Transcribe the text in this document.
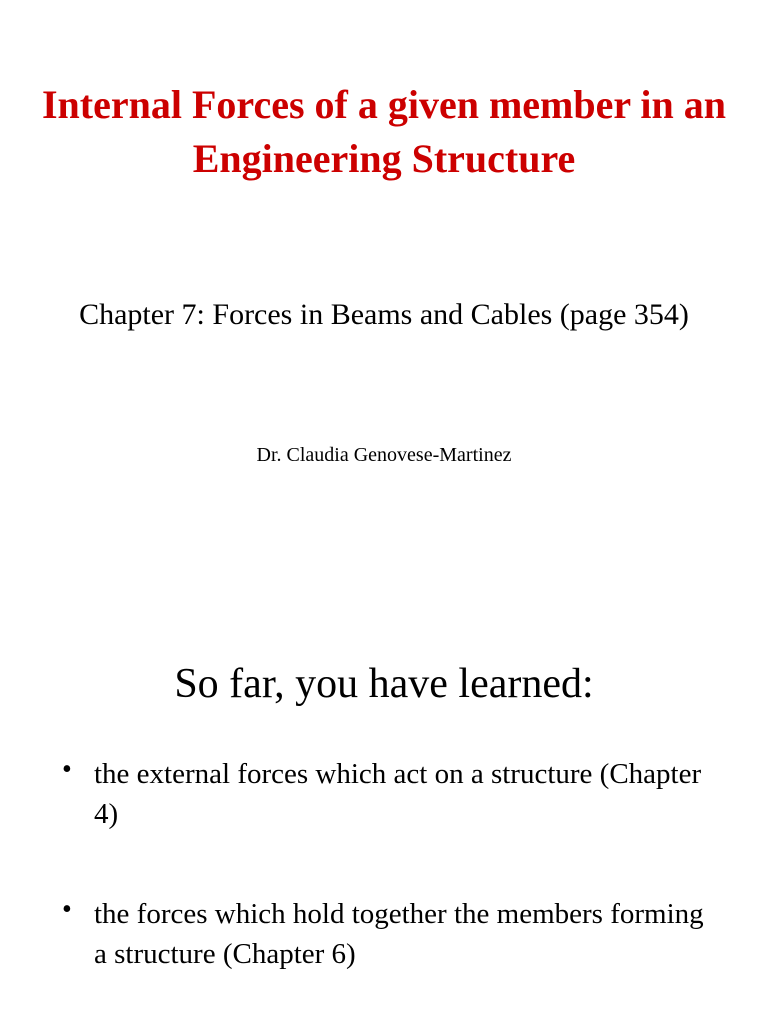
Internal Forces of a given member in an Engineering Structure

Chapter 7: Forces in Beams and Cables (page 354)

Dr. Claudia Genovese-Martinez

So far, you have learned:
• the external forces which act on a structure (Chapter 4)
• the forces which hold together the members forming a structure (Chapter 6)
